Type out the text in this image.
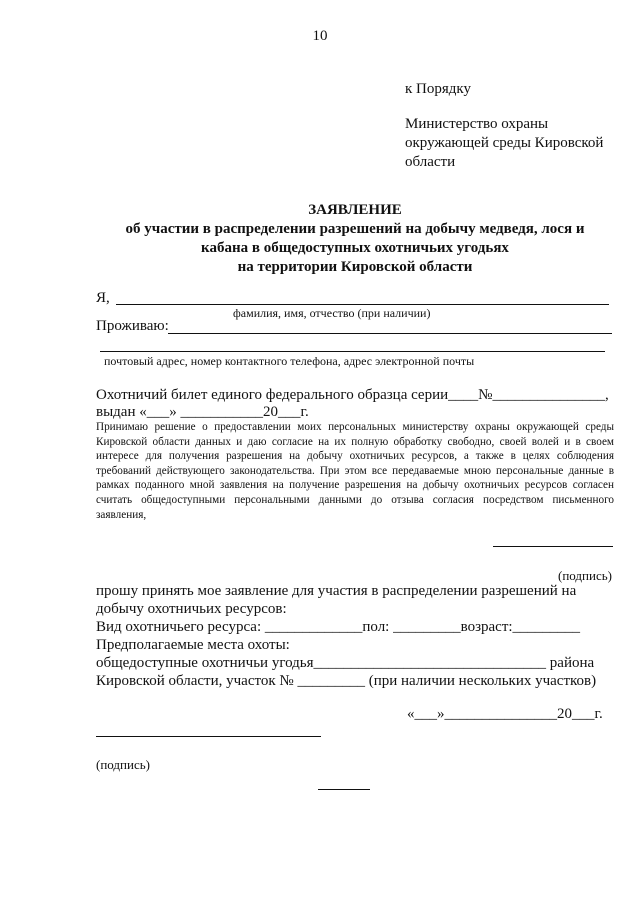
10
к Порядку
Министерство охраны
окружающей среды Кировской
области
ЗАЯВЛЕНИЕ
об участии в распределении разрешений на добычу медведя, лося и
кабана в общедоступных охотничьих угодьях
на территории Кировской области
Я,
фамилия, имя, отчество (при наличии)
Проживаю:
почтовый адрес, номер контактного телефона, адрес электронной почты
Охотничий билет единого федерального образца серии____№_______________,
выдан «___» ___________20___г.
Принимаю решение о предоставлении моих персональных министерству охраны окружающей среды Кировской области данных и даю согласие на их полную обработку свободно, своей волей и в своем интересе для получения разрешения на добычу охотничьих ресурсов, а также в целях соблюдения требований действующего законодательства. При этом все передаваемые мною персональные данные в рамках поданного мной заявления на получение разрешения на добычу охотничьих ресурсов согласен считать общедоступными персональными данными до отзыва согласия посредством письменного заявления,
(подпись)
прошу принять мое заявление для участия в распределении разрешений на
добычу охотничьих ресурсов:
Вид охотничьего ресурса: _____________пол: _________возраст:_________
Предполагаемые места охоты:
общедоступные охотничьи угодья_______________________________ района
Кировской области, участок № _________ (при наличии нескольких участков)
«___»_______________20___г.
(подпись)
